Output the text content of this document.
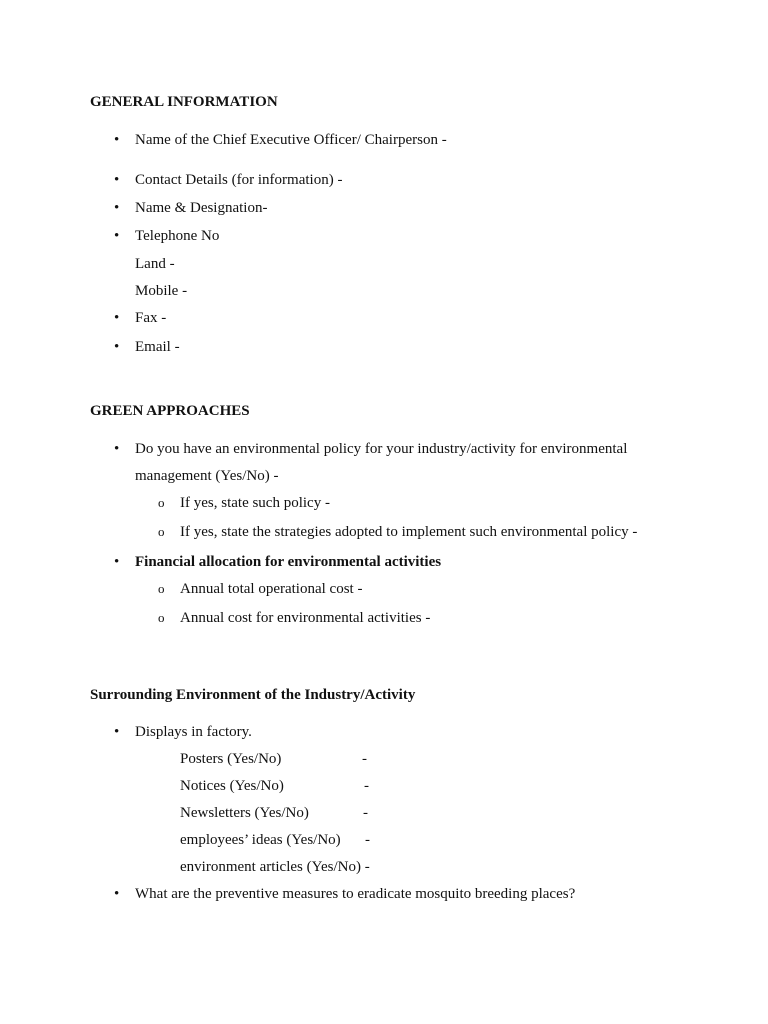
GENERAL INFORMATION
• Name of the Chief Executive Officer/ Chairperson -
• Contact Details (for information) -
• Name & Designation-
• Telephone No
Land -
Mobile -
• Fax -
• Email -
GREEN APPROACHES
• Do you have an environmental policy for your industry/activity for environmental
management (Yes/No) -
o If yes, state such policy -
o If yes, state the strategies adopted to implement such environmental policy -
• Financial allocation for environmental activities
o Annual total operational cost -
o Annual cost for environmental activities -
Surrounding Environment of the Industry/Activity
• Displays in factory.
Posters (Yes/No)	-
Notices (Yes/No)	-
Newsletters (Yes/No)	-
employees’ ideas (Yes/No) -
environment articles (Yes/No) -
• What are the preventive measures to eradicate mosquito breeding places?
